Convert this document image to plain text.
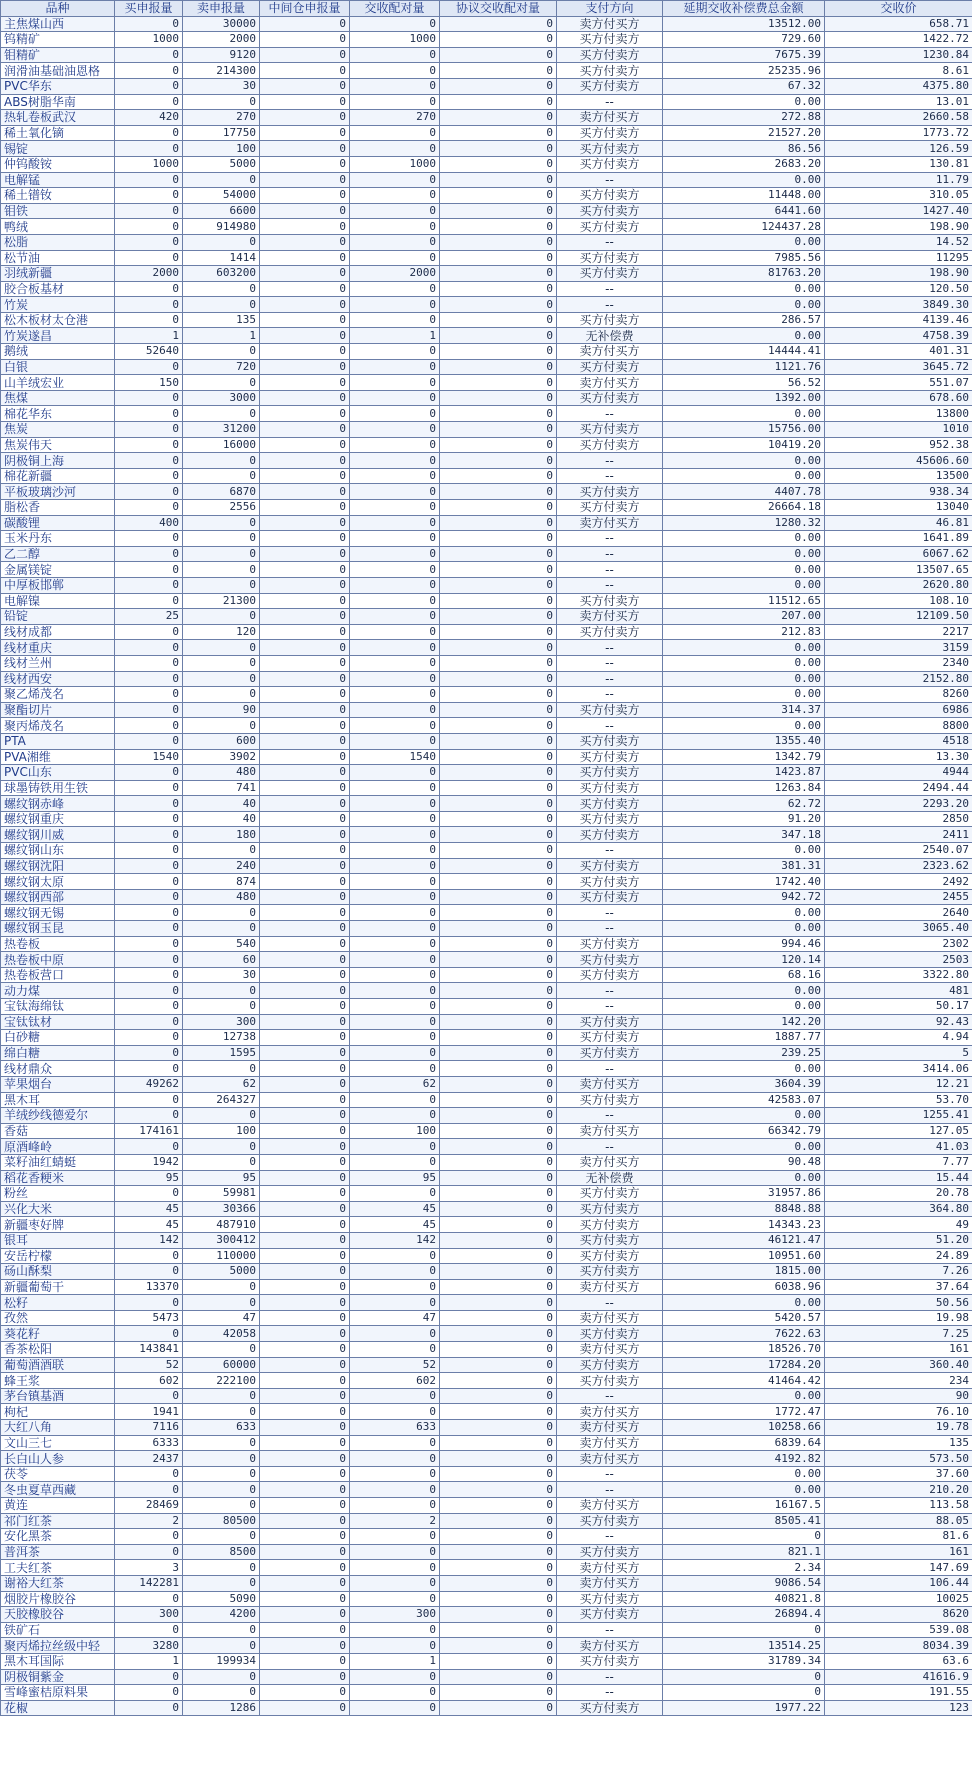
品种	买申报量	卖申报量	中间仓申报量	交收配对量	协议交收配对量	支付方向	延期交收补偿费总金额	交收价
主焦煤山西	0	30000	0	0	0	卖方付买方	13512.00	658.71
钨精矿	1000	2000	0	1000	0	买方付卖方	729.60	1422.72
钼精矿	0	9120	0	0	0	买方付卖方	7675.39	1230.84
润滑油基础油恩格	0	214300	0	0	0	买方付卖方	25235.96	8.61
PVC华东	0	30	0	0	0	买方付卖方	67.32	4375.80
ABS树脂华南	0	0	0	0	0	--	0.00	13.01
热轧卷板武汉	420	270	0	270	0	卖方付买方	272.88	2660.58
稀土氧化镝	0	17750	0	0	0	买方付卖方	21527.20	1773.72
锡锭	0	100	0	0	0	买方付卖方	86.56	126.59
仲钨酸铵	1000	5000	0	1000	0	买方付卖方	2683.20	130.81
电解锰	0	0	0	0	0	--	0.00	11.79
稀土镨钕	0	54000	0	0	0	买方付卖方	11448.00	310.05
钼铁	0	6600	0	0	0	买方付卖方	6441.60	1427.40
鸭绒	0	914980	0	0	0	买方付卖方	124437.28	198.90
松脂	0	0	0	0	0	--	0.00	14.52
松节油	0	1414	0	0	0	买方付卖方	7985.56	11295
羽绒新疆	2000	603200	0	2000	0	买方付卖方	81763.20	198.90
胶合板基材	0	0	0	0	0	--	0.00	120.50
竹炭	0	0	0	0	0	--	0.00	3849.30
松木板材太仓港	0	135	0	0	0	买方付卖方	286.57	4139.46
竹炭遂昌	1	1	0	1	0	无补偿费	0.00	4758.39
鹅绒	52640	0	0	0	0	卖方付买方	14444.41	401.31
白银	0	720	0	0	0	买方付卖方	1121.76	3645.72
山羊绒宏业	150	0	0	0	0	卖方付买方	56.52	551.07
焦煤	0	3000	0	0	0	买方付卖方	1392.00	678.60
棉花华东	0	0	0	0	0	--	0.00	13800
焦炭	0	31200	0	0	0	买方付卖方	15756.00	1010
焦炭伟天	0	16000	0	0	0	买方付卖方	10419.20	952.38
阴极铜上海	0	0	0	0	0	--	0.00	45606.60
棉花新疆	0	0	0	0	0	--	0.00	13500
平板玻璃沙河	0	6870	0	0	0	买方付卖方	4407.78	938.34
脂松香	0	2556	0	0	0	买方付卖方	26664.18	13040
碳酸锂	400	0	0	0	0	卖方付买方	1280.32	46.81
玉米丹东	0	0	0	0	0	--	0.00	1641.89
乙二醇	0	0	0	0	0	--	0.00	6067.62
金属镁锭	0	0	0	0	0	--	0.00	13507.65
中厚板邯郸	0	0	0	0	0	--	0.00	2620.80
电解镍	0	21300	0	0	0	买方付卖方	11512.65	108.10
铅锭	25	0	0	0	0	卖方付买方	207.00	12109.50
线材成都	0	120	0	0	0	买方付卖方	212.83	2217
线材重庆	0	0	0	0	0	--	0.00	3159
线材兰州	0	0	0	0	0	--	0.00	2340
线材西安	0	0	0	0	0	--	0.00	2152.80
聚乙烯茂名	0	0	0	0	0	--	0.00	8260
聚酯切片	0	90	0	0	0	买方付卖方	314.37	6986
聚丙烯茂名	0	0	0	0	0	--	0.00	8800
PTA	0	600	0	0	0	买方付卖方	1355.40	4518
PVA湘维	1540	3902	0	1540	0	买方付卖方	1342.79	13.30
PVC山东	0	480	0	0	0	买方付卖方	1423.87	4944
球墨铸铁用生铁	0	741	0	0	0	买方付卖方	1263.84	2494.44
螺纹钢赤峰	0	40	0	0	0	买方付卖方	62.72	2293.20
螺纹钢重庆	0	40	0	0	0	买方付卖方	91.20	2850
螺纹钢川威	0	180	0	0	0	买方付卖方	347.18	2411
螺纹钢山东	0	0	0	0	0	--	0.00	2540.07
螺纹钢沈阳	0	240	0	0	0	买方付卖方	381.31	2323.62
螺纹钢太原	0	874	0	0	0	买方付卖方	1742.40	2492
螺纹钢西部	0	480	0	0	0	买方付卖方	942.72	2455
螺纹钢无锡	0	0	0	0	0	--	0.00	2640
螺纹钢玉昆	0	0	0	0	0	--	0.00	3065.40
热卷板	0	540	0	0	0	买方付卖方	994.46	2302
热卷板中原	0	60	0	0	0	买方付卖方	120.14	2503
热卷板营口	0	30	0	0	0	买方付卖方	68.16	3322.80
动力煤	0	0	0	0	0	--	0.00	481
宝钛海绵钛	0	0	0	0	0	--	0.00	50.17
宝钛钛材	0	300	0	0	0	买方付卖方	142.20	92.43
白砂糖	0	12738	0	0	0	买方付卖方	1887.77	4.94
绵白糖	0	1595	0	0	0	买方付卖方	239.25	5
线材鼎众	0	0	0	0	0	--	0.00	3414.06
苹果烟台	49262	62	0	62	0	卖方付买方	3604.39	12.21
黑木耳	0	264327	0	0	0	买方付卖方	42583.07	53.70
羊绒纱线德爱尔	0	0	0	0	0	--	0.00	1255.41
香菇	174161	100	0	100	0	卖方付买方	66342.79	127.05
原酒峰岭	0	0	0	0	0	--	0.00	41.03
菜籽油红蜻蜓	1942	0	0	0	0	卖方付买方	90.48	7.77
稻花香粳米	95	95	0	95	0	无补偿费	0.00	15.44
粉丝	0	59981	0	0	0	买方付卖方	31957.86	20.78
兴化大米	45	30366	0	45	0	买方付卖方	8848.88	364.80
新疆枣好牌	45	487910	0	45	0	买方付卖方	14343.23	49
银耳	142	300412	0	142	0	买方付卖方	46121.47	51.20
安岳柠檬	0	110000	0	0	0	买方付卖方	10951.60	24.89
砀山酥梨	0	5000	0	0	0	买方付卖方	1815.00	7.26
新疆葡萄干	13370	0	0	0	0	卖方付买方	6038.96	37.64
松籽	0	0	0	0	0	--	0.00	50.56
孜然	5473	47	0	47	0	卖方付买方	5420.57	19.98
葵花籽	0	42058	0	0	0	买方付卖方	7622.63	7.25
香茶松阳	143841	0	0	0	0	卖方付买方	18526.70	161
葡萄酒酒联	52	60000	0	52	0	买方付卖方	17284.20	360.40
蜂王浆	602	222100	0	602	0	买方付卖方	41464.42	234
茅台镇基酒	0	0	0	0	0	--	0.00	90
枸杞	1941	0	0	0	0	卖方付买方	1772.47	76.10
大红八角	7116	633	0	633	0	卖方付买方	10258.66	19.78
文山三七	6333	0	0	0	0	卖方付买方	6839.64	135
长白山人参	2437	0	0	0	0	卖方付买方	4192.82	573.50
茯苓	0	0	0	0	0	--	0.00	37.60
冬虫夏草西藏	0	0	0	0	0	--	0.00	210.20
黄连	28469	0	0	0	0	卖方付买方	16167.5	113.58
祁门红茶	2	80500	0	2	0	买方付卖方	8505.41	88.05
安化黑茶	0	0	0	0	0	--	0	81.6
普洱茶	0	8500	0	0	0	买方付卖方	821.1	161
工夫红茶	3	0	0	0	0	卖方付买方	2.34	147.69
谢裕大红茶	142281	0	0	0	0	卖方付买方	9086.54	106.44
烟胶片橡胶谷	0	5090	0	0	0	买方付卖方	40821.8	10025
天胶橡胶谷	300	4200	0	300	0	买方付卖方	26894.4	8620
铁矿石	0	0	0	0	0	--	0	539.08
聚丙烯拉丝级中轻	3280	0	0	0	0	卖方付买方	13514.25	8034.39
黑木耳国际	1	199934	0	1	0	买方付卖方	31789.34	63.6
阴极铜紫金	0	0	0	0	0	--	0	41616.9
雪峰蜜桔原料果	0	0	0	0	0	--	0	191.55
花椒	0	1286	0	0	0	买方付卖方	1977.22	123
